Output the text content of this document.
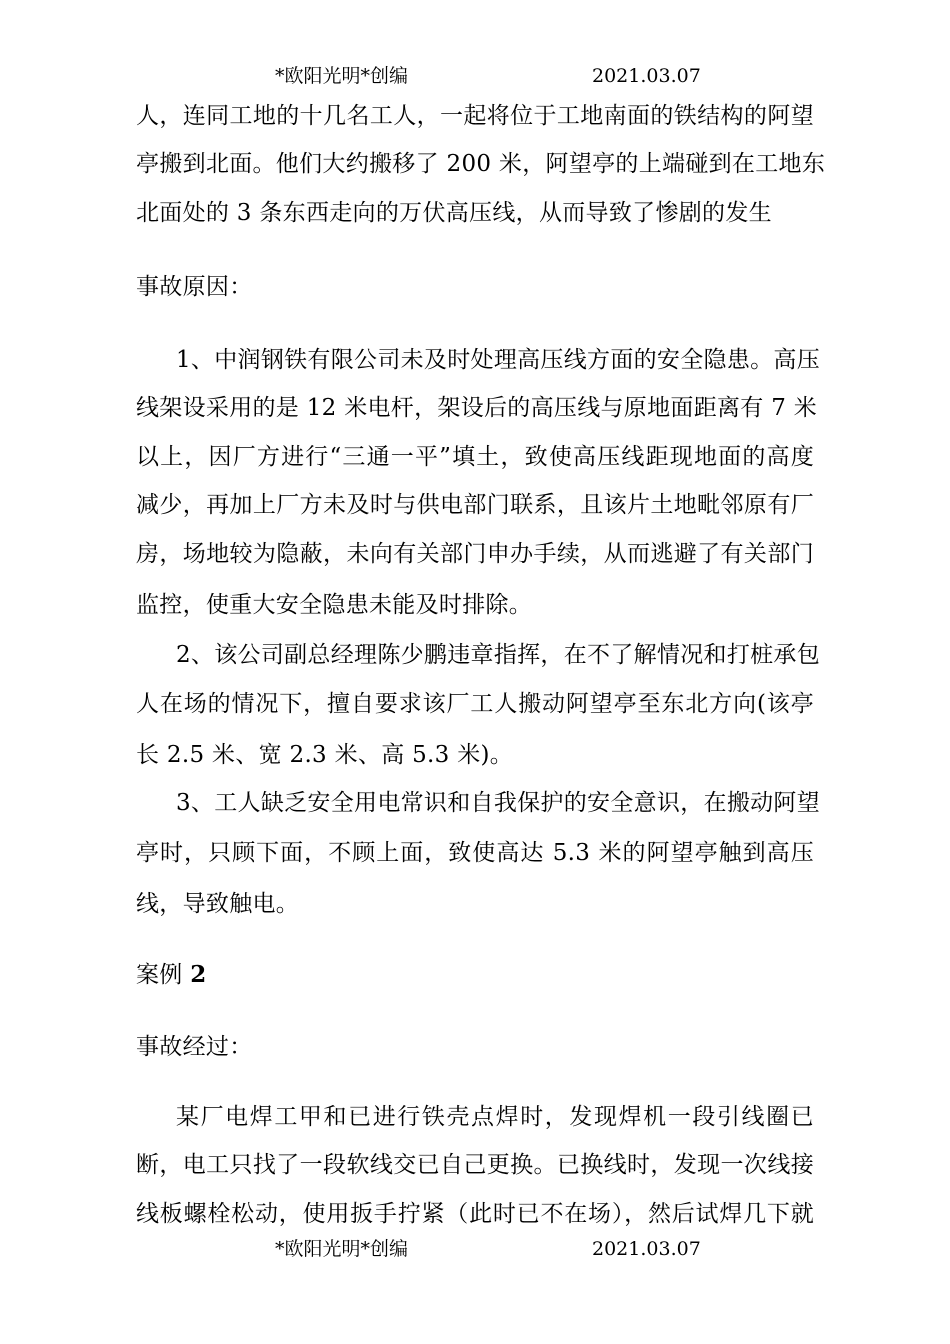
*欧阳光明*创编	2021.03.07
人，连同工地的十几名工人，一起将位于工地南面的铁结构的阿望
亭搬到北面。他们大约搬移了 200 米，阿望亭的上端碰到在工地东
北面处的 3 条东西走向的万伏高压线，从而导致了惨剧的发生
事故原因：
1、中润钢铁有限公司未及时处理高压线方面的安全隐患。高压
线架设采用的是 12 米电杆，架设后的高压线与原地面距离有 7 米
以上，因厂方进行“三通一平”填土，致使高压线距现地面的高度
减少，再加上厂方未及时与供电部门联系，且该片土地毗邻原有厂
房，场地较为隐蔽，未向有关部门申办手续，从而逃避了有关部门
监控，使重大安全隐患未能及时排除。
2、该公司副总经理陈少鹏违章指挥，在不了解情况和打桩承包
人在场的情况下，擅自要求该厂工人搬动阿望亭至东北方向(该亭
长 2.5 米、宽 2.3 米、高 5.3 米)。
3、工人缺乏安全用电常识和自我保护的安全意识，在搬动阿望
亭时，只顾下面，不顾上面，致使高达 5.3 米的阿望亭触到高压
线，导致触电。
案例 2
事故经过：
某厂电焊工甲和已进行铁壳点焊时，发现焊机一段引线圈已
断，电工只找了一段软线交已自己更换。已换线时，发现一次线接
线板螺栓松动，使用扳手拧紧（此时已不在场），然后试焊几下就
*欧阳光明*创编	2021.03.07
